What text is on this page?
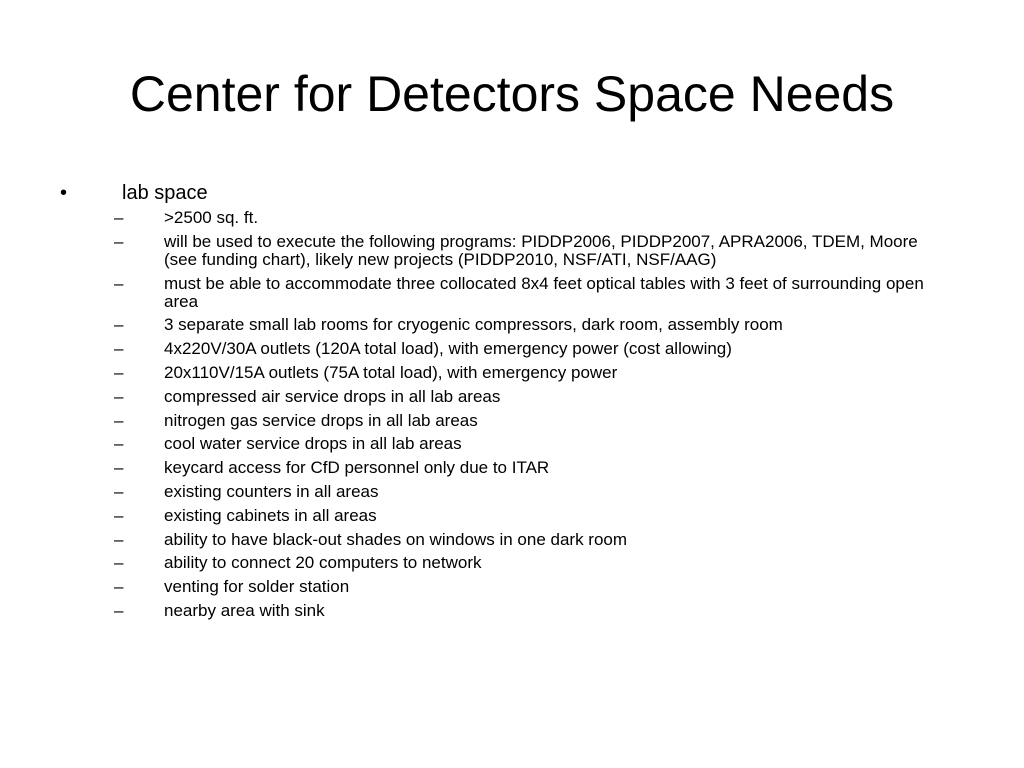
Center for Detectors Space Needs
•	lab space
– >2500 sq. ft.
– will be used to execute the following programs: PIDDP2006, PIDDP2007, APRA2006, TDEM, Moore (see funding chart), likely new projects (PIDDP2010, NSF/ATI, NSF/AAG)
– must be able to accommodate three collocated 8x4 feet optical tables with 3 feet of surrounding open area
– 3 separate small lab rooms for cryogenic compressors, dark room, assembly room
– 4x220V/30A outlets (120A total load), with emergency power (cost allowing)
– 20x110V/15A outlets (75A total load), with emergency power
– compressed air service drops in all lab areas
– nitrogen gas service drops in all lab areas
– cool water service drops in all lab areas
– keycard access for CfD personnel only due to ITAR
– existing counters in all areas
– existing cabinets in all areas
– ability to have black-out shades on windows in one dark room
– ability to connect 20 computers to network
– venting for solder station
– nearby area with sink
